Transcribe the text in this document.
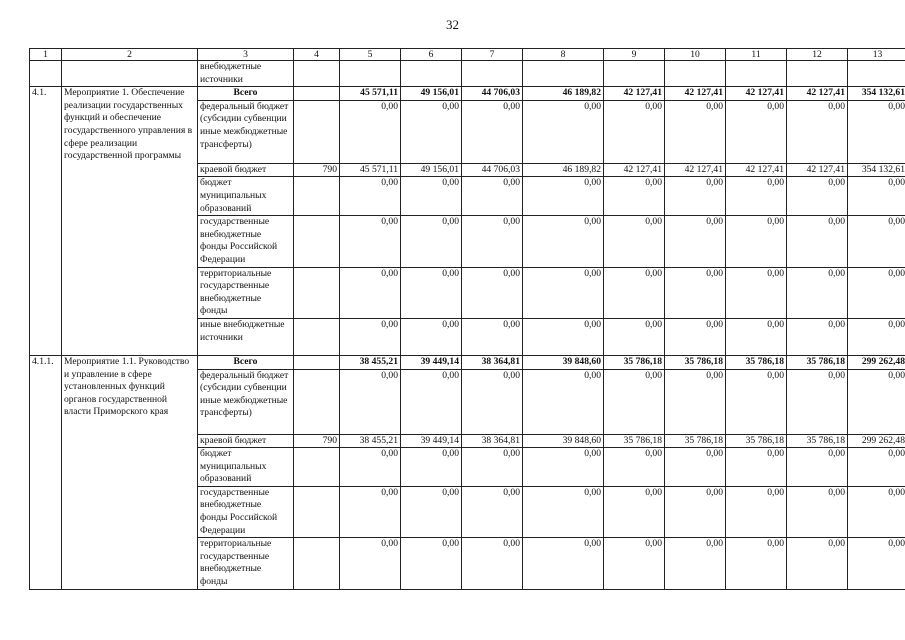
32
1	2	3	4	5	6	7	8	9	10	11	12	13
		внебюджетные источники										
4.1.	Мероприятие 1. Обеспечение реализации государственных функций и обеспечение государственного управления в сфере реализации государственной программы	Всего		45 571,11	49 156,01	44 706,03	46 189,82	42 127,41	42 127,41	42 127,41	42 127,41	354 132,61
		федеральный бюджет (субсидии субвенции иные межбюджетные трансферты)		0,00	0,00	0,00	0,00	0,00	0,00	0,00	0,00	0,00
		краевой бюджет	790	45 571,11	49 156,01	44 706,03	46 189,82	42 127,41	42 127,41	42 127,41	42 127,41	354 132,61
		бюджет муниципальных образований		0,00	0,00	0,00	0,00	0,00	0,00	0,00	0,00	0,00
		государственные внебюджетные фонды Российской Федерации		0,00	0,00	0,00	0,00	0,00	0,00	0,00	0,00	0,00
		территориальные государственные внебюджетные фонды		0,00	0,00	0,00	0,00	0,00	0,00	0,00	0,00	0,00
		иные внебюджетные источники		0,00	0,00	0,00	0,00	0,00	0,00	0,00	0,00	0,00
4.1.1.	Мероприятие 1.1. Руководство и управление в сфере установленных функций органов государственной власти Приморского края	Всего		38 455,21	39 449,14	38 364,81	39 848,60	35 786,18	35 786,18	35 786,18	35 786,18	299 262,48
		федеральный бюджет (субсидии субвенции иные межбюджетные трансферты)		0,00	0,00	0,00	0,00	0,00	0,00	0,00	0,00	0,00
		краевой бюджет	790	38 455,21	39 449,14	38 364,81	39 848,60	35 786,18	35 786,18	35 786,18	35 786,18	299 262,48
		бюджет муниципальных образований		0,00	0,00	0,00	0,00	0,00	0,00	0,00	0,00	0,00
		государственные внебюджетные фонды Российской Федерации		0,00	0,00	0,00	0,00	0,00	0,00	0,00	0,00	0,00
		территориальные государственные внебюджетные фонды		0,00	0,00	0,00	0,00	0,00	0,00	0,00	0,00	0,00
